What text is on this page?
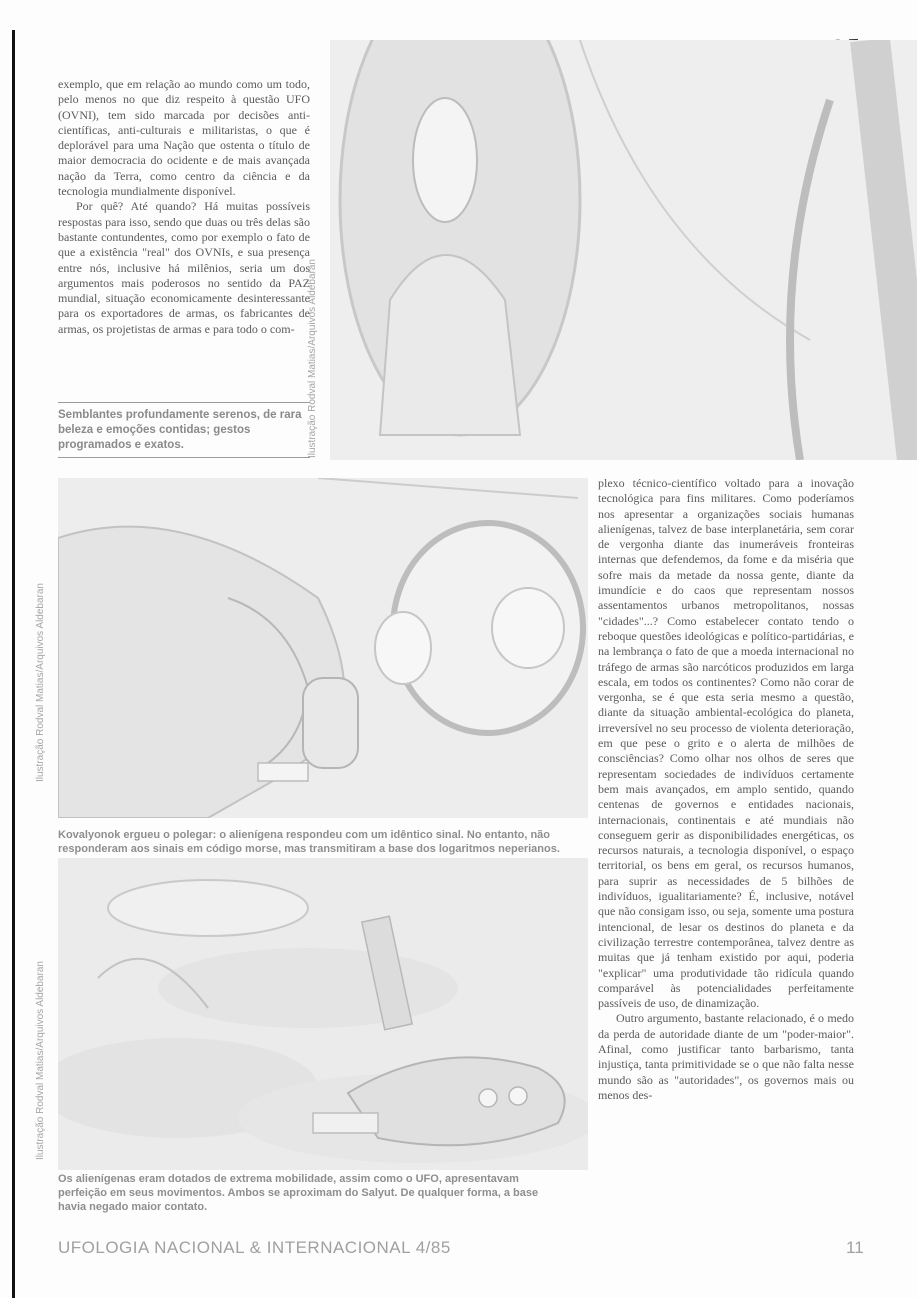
exemplo, que em relação ao mundo como um todo, pelo menos no que diz respeito à questão UFO (OVNI), tem sido marcada por decisões anti-científicas, anti-culturais e militaristas, o que é deplorável para uma Nação que ostenta o título de maior democracia do ocidente e de mais avançada nação da Terra, como centro da ciência e da tecnologia mundialmente disponível.

Por quê? Até quando? Há muitas possíveis respostas para isso, sendo que duas ou três delas são bastante contundentes, como por exemplo o fato de que a existência "real" dos OVNIs, e sua presença entre nós, inclusive há milênios, seria um dos argumentos mais poderosos no sentido da PAZ mundial, situação economicamente desinteressante para os exportadores de armas, os fabricantes de armas, os projetistas de armas e para todo o com-

Semblantes profundamente serenos, de rara beleza e emoções contidas; gestos programados e exatos.	Ilustração Rodval Matias/Arquivos Aldebaran
Ilustração Rodval Matias/Arquivos Aldebaran

Kovalyonok ergueu o polegar: o alienígena respondeu com um idêntico sinal. No entanto, não responderam aos sinais em código morse, mas transmitiram a base dos logaritmos neperianos.

Ilustração Rodval Matias/Arquivos Aldebaran

Os alienígenas eram dotados de extrema mobilidade, assim como o UFO, apresentavam perfeição em seus movimentos. Ambos se aproximam do Salyut. De qualquer forma, a base havia negado maior contato.

plexo técnico-científico voltado para a inovação tecnológica para fins militares. Como poderíamos nos apresentar a organizações sociais humanas alienígenas, talvez de base interplanetária, sem corar de vergonha diante das inumeráveis fronteiras internas que defendemos, da fome e da miséria que sofre mais da metade da nossa gente, diante da imundície e do caos que representam nossos assentamentos urbanos metropolitanos, nossas "cidades"...? Como estabelecer contato tendo o reboque questões ideológicas e político-partidárias, e na lembrança o fato de que a moeda internacional no tráfego de armas são narcóticos produzidos em larga escala, em todos os continentes? Como não corar de vergonha, se é que esta seria mesmo a questão, diante da situação ambiental-ecológica do planeta, irreversível no seu processo de violenta deterioração, em que pese o grito e o alerta de milhões de consciências? Como olhar nos olhos de seres que representam sociedades de indivíduos certamente bem mais avançados, em amplo sentido, quando centenas de governos e entidades nacionais, internacionais, continentais e até mundiais não conseguem gerir as disponibilidades energéticas, os recursos naturais, a tecnologia disponível, o espaço territorial, os bens em geral, os recursos humanos, para suprir as necessidades de 5 bilhões de indivíduos, igualitariamente? É, inclusive, notável que não consigam isso, ou seja, somente uma postura intencional, de lesar os destinos do planeta e da civilização terrestre contemporânea, talvez dentre as muitas que já tenham existido por aqui, poderia "explicar" uma produtividade tão ridícula quando comparável às potencialidades perfeitamente passíveis de uso, de dinamização.

Outro argumento, bastante relacionado, é o medo da perda de autoridade diante de um "poder-maior". Afinal, como justificar tanto barbarismo, tanta injustiça, tanta primitividade se o que não falta nesse mundo são as "autoridades", os governos mais ou menos des-

UFOLOGIA NACIONAL & INTERNACIONAL 4/85	11
